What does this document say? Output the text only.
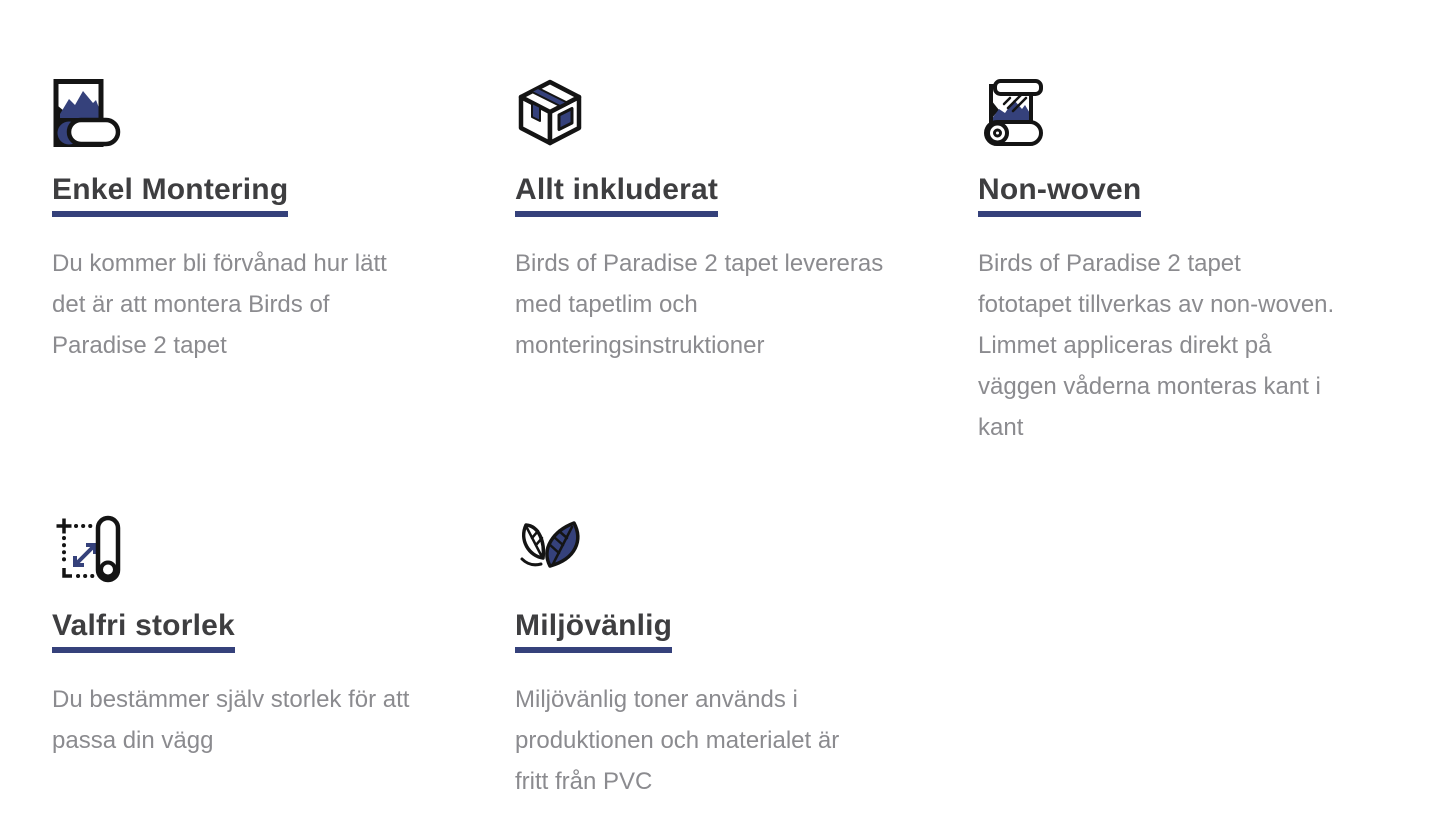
Enkel Montering

Du kommer bli förvånad hur lätt det är att montera Birds of Paradise 2 tapet

Allt inkluderat

Birds of Paradise 2 tapet levereras med tapetlim och monteringsinstruktioner

Non-woven

Birds of Paradise 2 tapet fototapet tillverkas av non-woven. Limmet appliceras direkt på väggen våderna monteras kant i kant

Valfri storlek

Du bestämmer själv storlek för att passa din vägg

Miljövänlig

Miljövänlig toner används i produktionen och materialet är fritt från PVC
